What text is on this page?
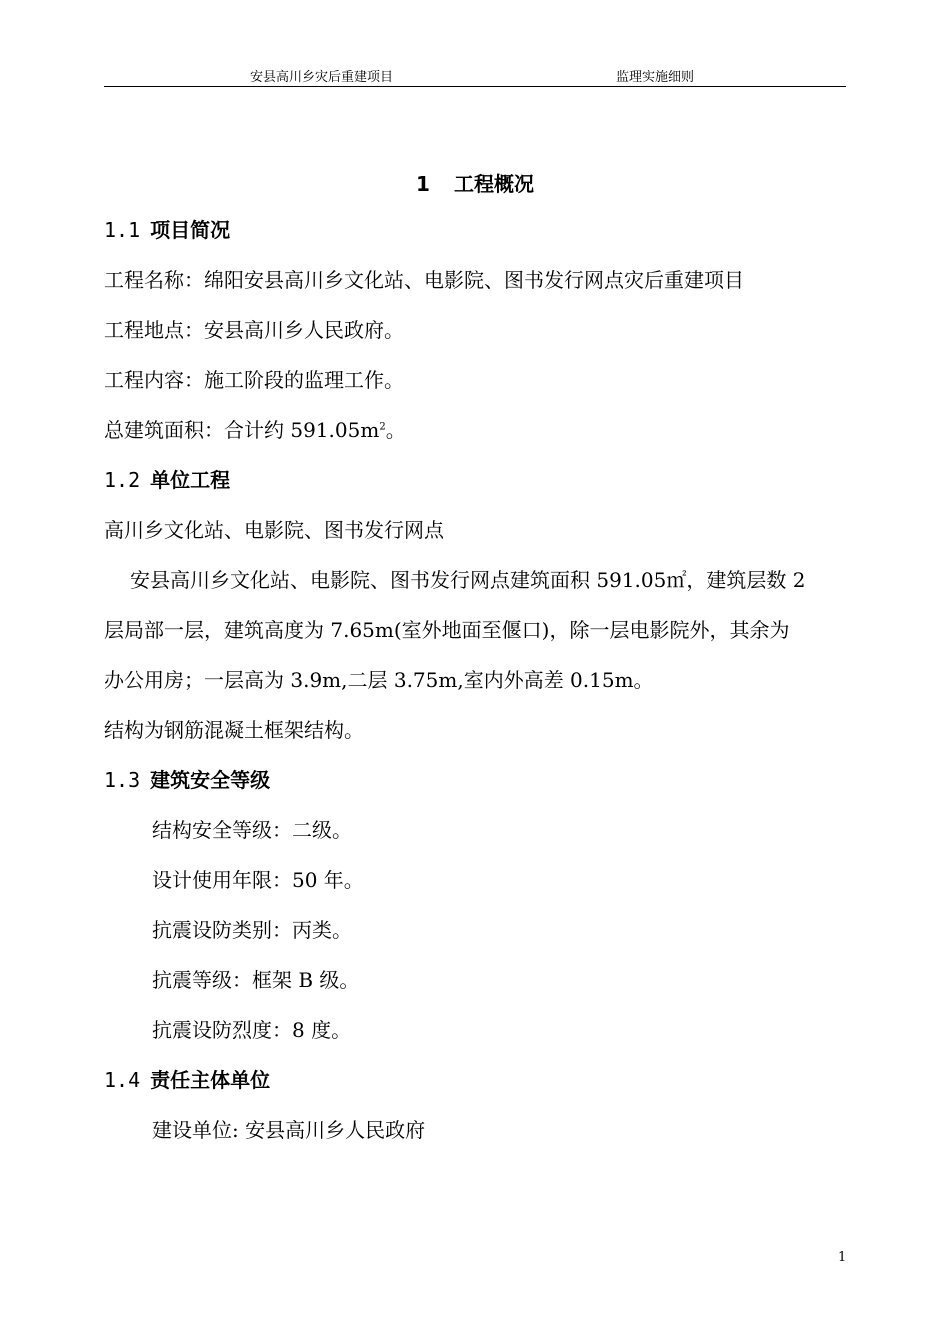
安县高川乡灾后重建项目	监理实施细则
1 工程概况
1.1 项目简况
工程名称：绵阳安县高川乡文化站、电影院、图书发行网点灾后重建项目
工程地点：安县高川乡人民政府。
工程内容：施工阶段的监理工作。
总建筑面积：合计约 $591.05m^2$。
1.2 单位工程
高川乡文化站、电影院、图书发行网点
安县高川乡文化站、电影院、图书发行网点建筑面积 591.05㎡，建筑层数 2
层局部一层，建筑高度为 7.65m(室外地面至偃口)，除一层电影院外，其余为
办公用房；一层高为 3.9m,二层 3.75m,室内外高差 0.15m。
结构为钢筋混凝土框架结构。
1.3 建筑安全等级
结构安全等级：二级。
设计使用年限：50 年。
抗震设防类别：丙类。
抗震等级：框架 B 级。
抗震设防烈度：8 度。
1.4 责任主体单位
建设单位: 安县高川乡人民政府
1
